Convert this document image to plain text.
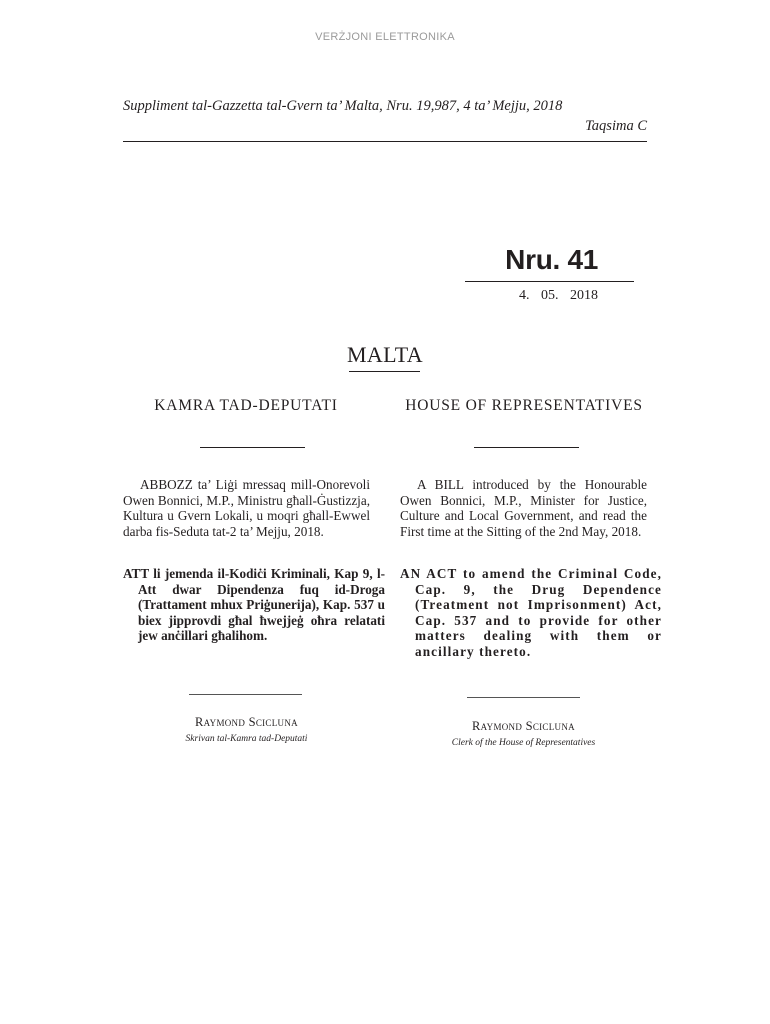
VERŻJONI ELETTRONIKA
Suppliment tal-Gazzetta tal-Gvern ta’ Malta, Nru. 19,987, 4 ta’ Mejju, 2018
Taqsima C
Nru. 41
4. 05. 2018
MALTA
KAMRA TAD-DEPUTATI
ABBOZZ ta’ Liġi mressaq mill-Onorevoli Owen Bonnici, M.P., Ministru għall-Ġustizzja, Kultura u Gvern Lokali, u moqri għall-Ewwel darba fis-Seduta tat-2 ta’ Mejju, 2018.
ATT li jemenda il-Kodiċi Kriminali, Kap 9, l-Att dwar Dipendenza fuq id-Droga (Trattament mhux Priġunerija), Kap. 537 u biex jipprovdi għal ħwejjeġ oħra relatati jew anċillari għalihom.
Raymond Scicluna
Skrivan tal-Kamra tad-Deputati
HOUSE OF REPRESENTATIVES
A BILL introduced by the Honourable Owen Bonnici, M.P., Minister for Justice, Culture and Local Government, and read the First time at the Sitting of the 2nd May, 2018.
AN ACT to amend the Criminal Code, Cap. 9, the Drug Dependence (Treatment not Imprisonment) Act, Cap. 537 and to provide for other matters dealing with them or ancillary thereto.
Raymond Scicluna
Clerk of the House of Representatives
